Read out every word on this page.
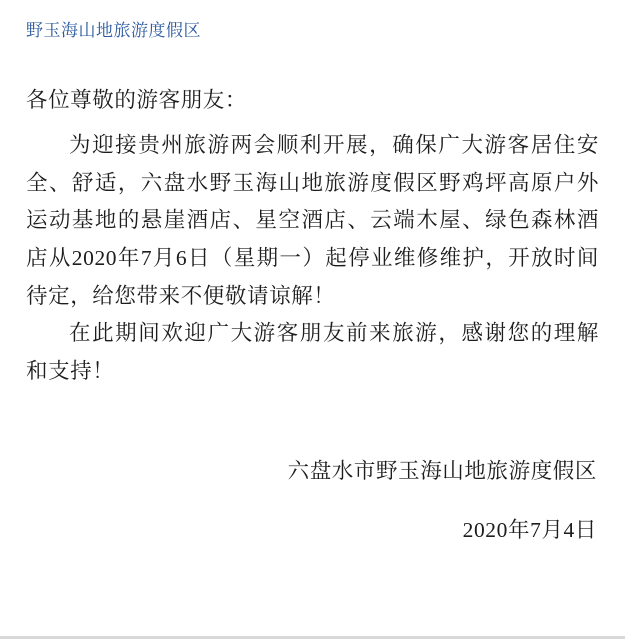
野玉海山地旅游度假区

各位尊敬的游客朋友：

为迎接贵州旅游两会顺利开展，确保广大游客居住安全、舒适，六盘水野玉海山地旅游度假区野鸡坪高原户外运动基地的悬崖酒店、星空酒店、云端木屋、绿色森林酒店从2020年7月6日（星期一）起停业维修维护，开放时间待定，给您带来不便敬请谅解！

在此期间欢迎广大游客朋友前来旅游，感谢您的理解和支持！

六盘水市野玉海山地旅游度假区
2020年7月4日
